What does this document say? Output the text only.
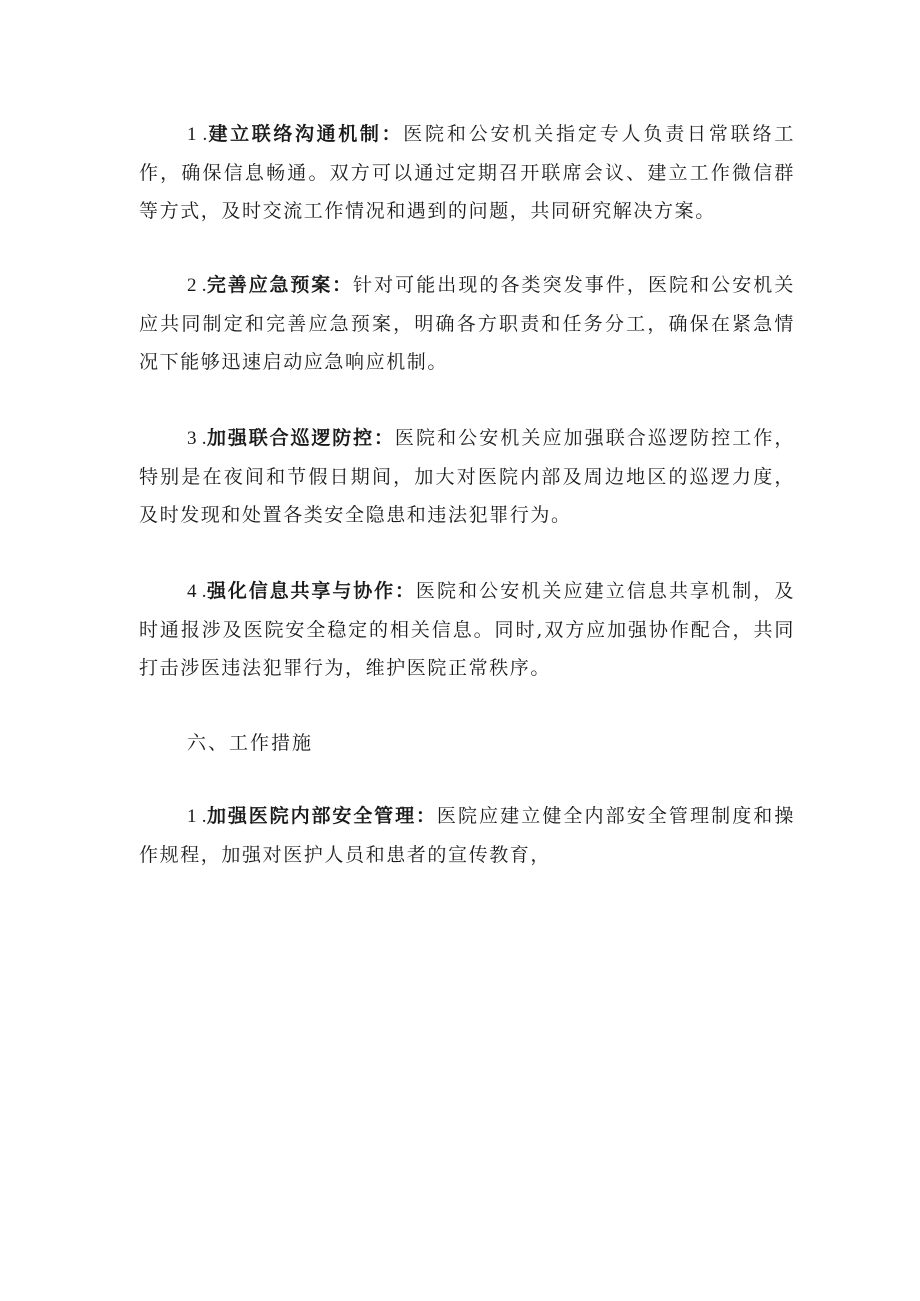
1 .建立联络沟通机制：医院和公安机关指定专人负责日常联络工作，确保信息畅通。双方可以通过定期召开联席会议、建立工作微信群等方式，及时交流工作情况和遇到的问题，共同研究解决方案。

2 .完善应急预案：针对可能出现的各类突发事件，医院和公安机关应共同制定和完善应急预案，明确各方职责和任务分工，确保在紧急情况下能够迅速启动应急响应机制。

3 .加强联合巡逻防控：医院和公安机关应加强联合巡逻防控工作，特别是在夜间和节假日期间，加大对医院内部及周边地区的巡逻力度，及时发现和处置各类安全隐患和违法犯罪行为。

4 .强化信息共享与协作：医院和公安机关应建立信息共享机制，及时通报涉及医院安全稳定的相关信息。同时,双方应加强协作配合，共同打击涉医违法犯罪行为，维护医院正常秩序。

六、工作措施

1 .加强医院内部安全管理：医院应建立健全内部安全管理制度和操作规程，加强对医护人员和患者的宣传教育，
